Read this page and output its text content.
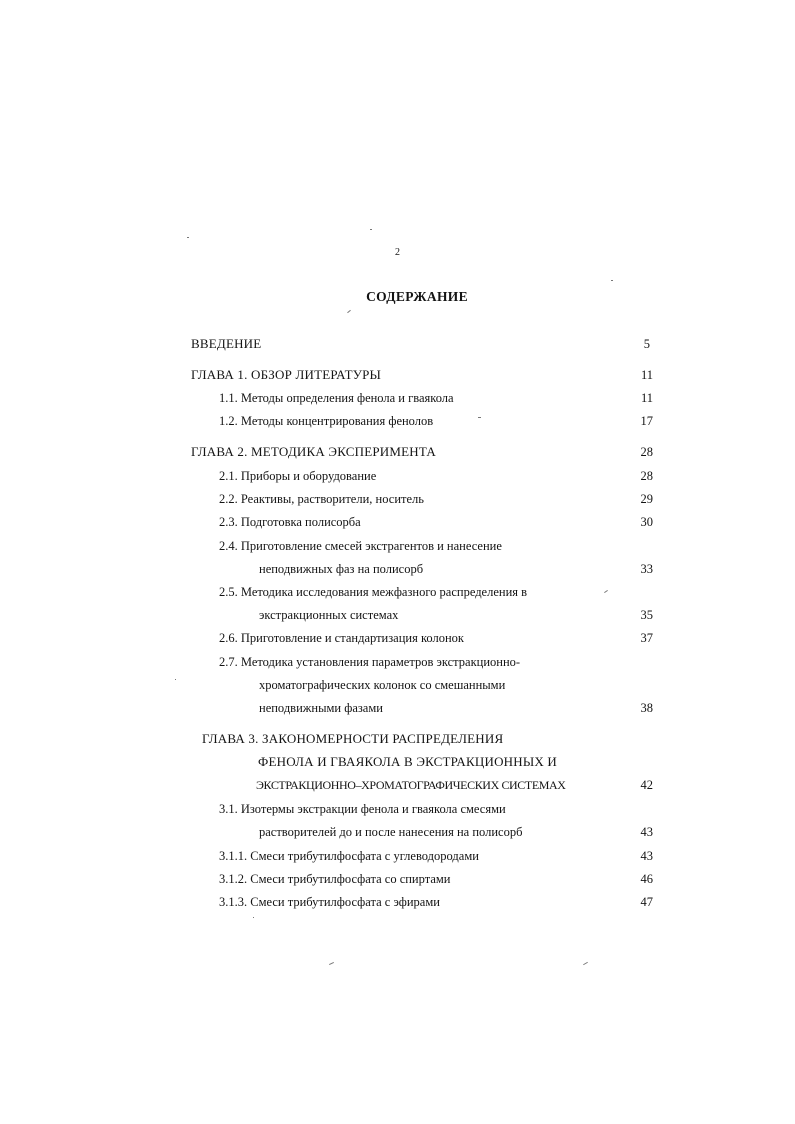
2
СОДЕРЖАНИЕ
ВВЕДЕНИЕ	5
ГЛАВА 1. ОБЗОР ЛИТЕРАТУРЫ	11
1.1. Методы определения фенола и гваякола	11
1.2. Методы концентрирования фенолов	17
ГЛАВА 2. МЕТОДИКА ЭКСПЕРИМЕНТА	28
2.1. Приборы и оборудование	28
2.2. Реактивы, растворители, носитель	29
2.3. Подготовка полисорба	30
2.4. Приготовление смесей экстрагентов и нанесение
неподвижных фаз на полисорб	33
2.5. Методика исследования межфазного распределения в
экстракционных системах	35
2.6. Приготовление и стандартизация колонок	37
2.7. Методика установления параметров экстракционно-
хроматографических колонок со смешанными
неподвижными фазами	38
ГЛАВА 3. ЗАКОНОМЕРНОСТИ РАСПРЕДЕЛЕНИЯ
ФЕНОЛА И ГВАЯКОЛА В ЭКСТРАКЦИОННЫХ И
ЭКСТРАКЦИОННО–ХРОМАТОГРАФИЧЕСКИХ СИСТЕМАХ	42
3.1. Изотермы экстракции фенола и гваякола смесями
растворителей до и после нанесения на полисорб	43
3.1.1. Смеси трибутилфосфата с углеводородами	43
3.1.2. Смеси трибутилфосфата со спиртами	46
3.1.3. Смеси трибутилфосфата с эфирами	47
